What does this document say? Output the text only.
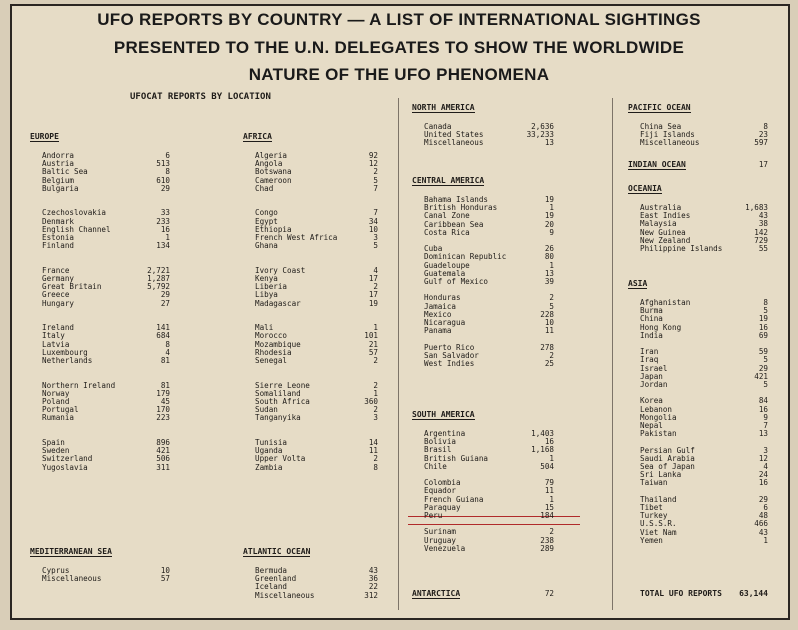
UFO REPORTS BY COUNTRY — A LIST OF INTERNATIONAL SIGHTINGS
PRESENTED TO THE U.N. DELEGATES TO SHOW THE WORLDWIDE
NATURE OF THE UFO PHENOMENA
UFOCAT REPORTS BY LOCATION
EUROPE
Andorra	6
Austria	513
Baltic Sea	8
Belgium	610
Bulgaria	29
Czechoslovakia	33
Denmark	233
English Channel	16
Estonia	1
Finland	134
France	2,721
Germany	1,287
Great Britain	5,792
Greece	29
Hungary	27
Ireland	141
Italy	684
Latvia	8
Luxembourg	4
Netherlands	81
Northern Ireland	81
Norway	179
Poland	45
Portugal	170
Rumania	223
Spain	896
Sweden	421
Switzerland	506
Yugoslavia	311
MEDITERRANEAN SEA
Cyprus	10
Miscellaneous	57
AFRICA
Algeria	92
Angola	12
Botswana	2
Cameroon	5
Chad	7
Congo	7
Egypt	34
Ethiopia	10
French West Africa	3
Ghana	5
Ivory Coast	4
Kenya	17
Liberia	2
Libya	17
Madagascar	19
Mali	1
Morocco	101
Mozambique	21
Rhodesia	57
Senegal	2
Sierre Leone	2
Somaliland	1
South Africa	360
Sudan	2
Tanganyika	3
Tunisia	14
Uganda	11
Upper Volta	2
Zambia	8
ATLANTIC OCEAN
Bermuda	43
Greenland	36
Iceland	22
Miscellaneous	312
NORTH AMERICA
Canada	2,636
United States	33,233
Miscellaneous	13
CENTRAL AMERICA
Bahama Islands	19
British Honduras	1
Canal Zone	19
Caribbean Sea	20
Costa Rica	9
Cuba	26
Dominican Republic	80
Guadeloupe	1
Guatemala	13
Gulf of Mexico	39
Honduras	2
Jamaica	5
Mexico	228
Nicaragua	10
Panama	11
Puerto Rico	278
San Salvador	2
West Indies	25
SOUTH AMERICA
Argentina	1,403
Bolivia	16
Brasil	1,168
British Guiana	1
Chile	504
Colombia	79
Equador	11
French Guiana	1
Paraquay	15
Peru	184
Surinam	2
Uruguay	238
Venezuela	289
ANTARCTICA	72
PACIFIC OCEAN
China Sea	8
Fiji Islands	23
Miscellaneous	597
INDIAN OCEAN	17
OCEANIA
Australia	1,683
East Indies	43
Malaysia	38
New Guinea	142
New Zealand	729
Philippine Islands	55
ASIA
Afghanistan	8
Burma	5
China	19
Hong Kong	16
India	69
Iran	59
Iraq	5
Israel	29
Japan	421
Jordan	5
Korea	84
Lebanon	16
Mongolia	9
Nepal	7
Pakistan	13
Persian Gulf	3
Saudi Arabia	12
Sea of Japan	4
Sri Lanka	24
Taiwan	16
Thailand	29
Tibet	6
Turkey	48
U.S.S.R.	466
Viet Nam	43
Yemen	1
TOTAL UFO REPORTS	63,144
